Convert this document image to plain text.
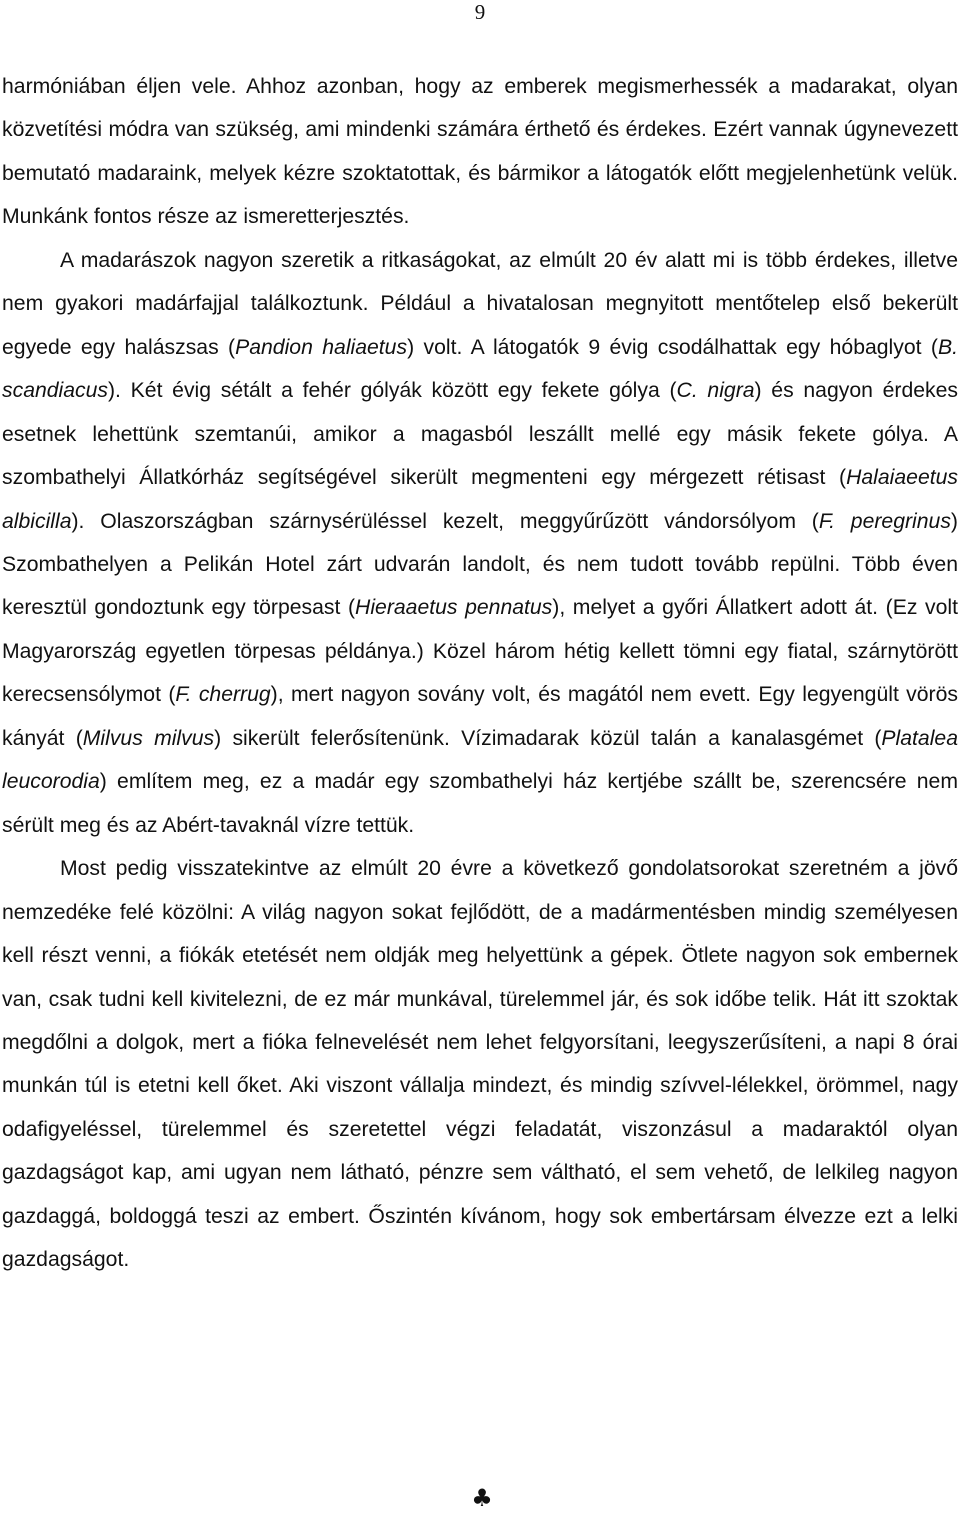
9

harmóniában éljen vele. Ahhoz azonban, hogy az emberek megismerhessék a madarakat, olyan közvetítési módra van szükség, ami mindenki számára érthető és érdekes. Ezért vannak úgynevezett bemutató madaraink, melyek kézre szoktatottak, és bármikor a látogatók előtt megjelenhetünk velük. Munkánk fontos része az ismeretterjesztés.

A madarászok nagyon szeretik a ritkaságokat, az elmúlt 20 év alatt mi is több érdekes, illetve nem gyakori madárfajjal találkoztunk. Például a hivatalosan megnyitott mentőtelep első bekerült egyede egy halászsas (Pandion haliaetus) volt. A látogatók 9 évig csodálhattak egy hóbaglyot (B. scandiacus). Két évig sétált a fehér gólyák között egy fekete gólya (C. nigra) és nagyon érdekes esetnek lehettünk szemtanúi, amikor a magasból leszállt mellé egy másik fekete gólya. A szombathelyi Állatkórház segítségével sikerült megmenteni egy mérgezett rétisast (Halaiaeetus albicilla). Olaszországban szárnysérüléssel kezelt, meggyűrűzött vándorsólyom (F. peregrinus) Szombathelyen a Pelikán Hotel zárt udvarán landolt, és nem tudott tovább repülni. Több éven keresztül gondoztunk egy törpesast (Hieraaetus pennatus), melyet a győri Állatkert adott át. (Ez volt Magyarország egyetlen törpesas példánya.) Közel három hétig kellett tömni egy fiatal, szárnytörött kerecsensólymot (F. cherrug), mert nagyon sovány volt, és magától nem evett. Egy legyengült vörös kányát (Milvus milvus) sikerült felerősítenünk. Vízimadarak közül talán a kanalasgémet (Platalea leucorodia) említem meg, ez a madár egy szombathelyi ház kertjébe szállt be, szerencsére nem sérült meg és az Abért-tavaknál vízre tettük.

Most pedig visszatekintve az elmúlt 20 évre a következő gondolatsorokat szeretném a jövő nemzedéke felé közölni: A világ nagyon sokat fejlődött, de a madármentésben mindig személyesen kell részt venni, a fiókák etetését nem oldják meg helyettünk a gépek. Ötlete nagyon sok embernek van, csak tudni kell kivitelezni, de ez már munkával, türelemmel jár, és sok időbe telik. Hát itt szoktak megdőlni a dolgok, mert a fióka felnevelését nem lehet felgyorsítani, leegyszerűsíteni, a napi 8 órai munkán túl is etetni kell őket. Aki viszont vállalja mindezt, és mindig szívvel-lélekkel, örömmel, nagy odafigyeléssel, türelemmel és szeretettel végzi feladatát, viszonzásul a madaraktól olyan gazdagságot kap, ami ugyan nem látható, pénzre sem váltható, el sem vehető, de lelkileg nagyon gazdaggá, boldoggá teszi az embert. Őszintén kívánom, hogy sok embertársam élvezze ezt a lelki gazdagságot.

♣
